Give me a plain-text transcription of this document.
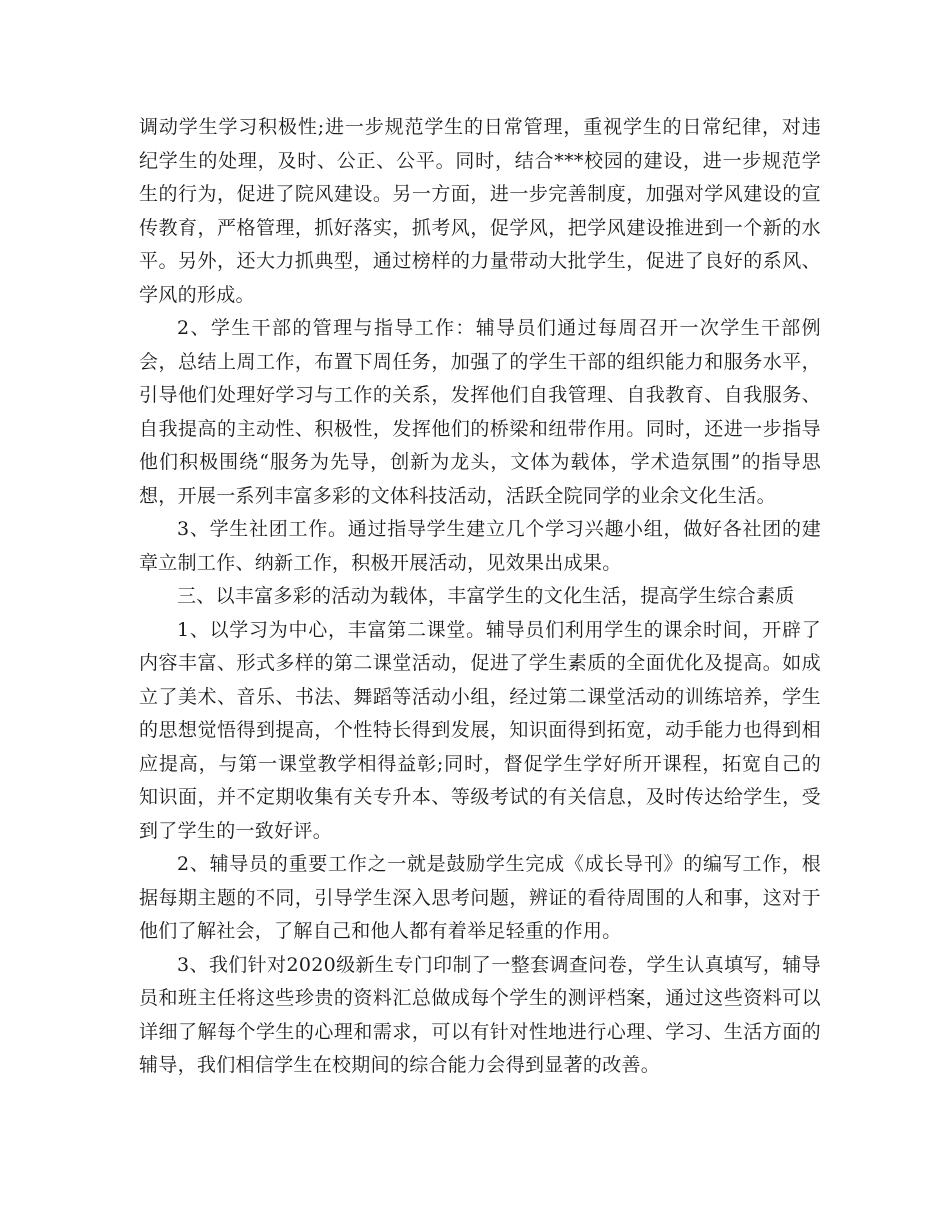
调动学生学习积极性;进一步规范学生的日常管理，重视学生的日常纪律，对违纪学生的处理，及时、公正、公平。同时，结合***校园的建设，进一步规范学生的行为，促进了院风建设。另一方面，进一步完善制度，加强对学风建设的宣传教育，严格管理，抓好落实，抓考风，促学风，把学风建设推进到一个新的水平。另外，还大力抓典型，通过榜样的力量带动大批学生，促进了良好的系风、学风的形成。

2、学生干部的管理与指导工作：辅导员们通过每周召开一次学生干部例会，总结上周工作，布置下周任务，加强了的学生干部的组织能力和服务水平，引导他们处理好学习与工作的关系，发挥他们自我管理、自我教育、自我服务、自我提高的主动性、积极性，发挥他们的桥梁和纽带作用。同时，还进一步指导他们积极围绕“服务为先导，创新为龙头，文体为载体，学术造氛围”的指导思想，开展一系列丰富多彩的文体科技活动，活跃全院同学的业余文化生活。

3、学生社团工作。通过指导学生建立几个学习兴趣小组，做好各社团的建章立制工作、纳新工作，积极开展活动，见效果出成果。

三、以丰富多彩的活动为载体，丰富学生的文化生活，提高学生综合素质

1、以学习为中心，丰富第二课堂。辅导员们利用学生的课余时间，开辟了内容丰富、形式多样的第二课堂活动，促进了学生素质的全面优化及提高。如成立了美术、音乐、书法、舞蹈等活动小组，经过第二课堂活动的训练培养，学生的思想觉悟得到提高，个性特长得到发展，知识面得到拓宽，动手能力也得到相应提高，与第一课堂教学相得益彰;同时，督促学生学好所开课程，拓宽自己的知识面，并不定期收集有关专升本、等级考试的有关信息，及时传达给学生，受到了学生的一致好评。

2、辅导员的重要工作之一就是鼓励学生完成《成长导刊》的编写工作，根据每期主题的不同，引导学生深入思考问题，辨证的看待周围的人和事，这对于他们了解社会，了解自己和他人都有着举足轻重的作用。

3、我们针对2020级新生专门印制了一整套调查问卷，学生认真填写，辅导员和班主任将这些珍贵的资料汇总做成每个学生的测评档案，通过这些资料可以详细了解每个学生的心理和需求，可以有针对性地进行心理、学习、生活方面的辅导，我们相信学生在校期间的综合能力会得到显著的改善。
